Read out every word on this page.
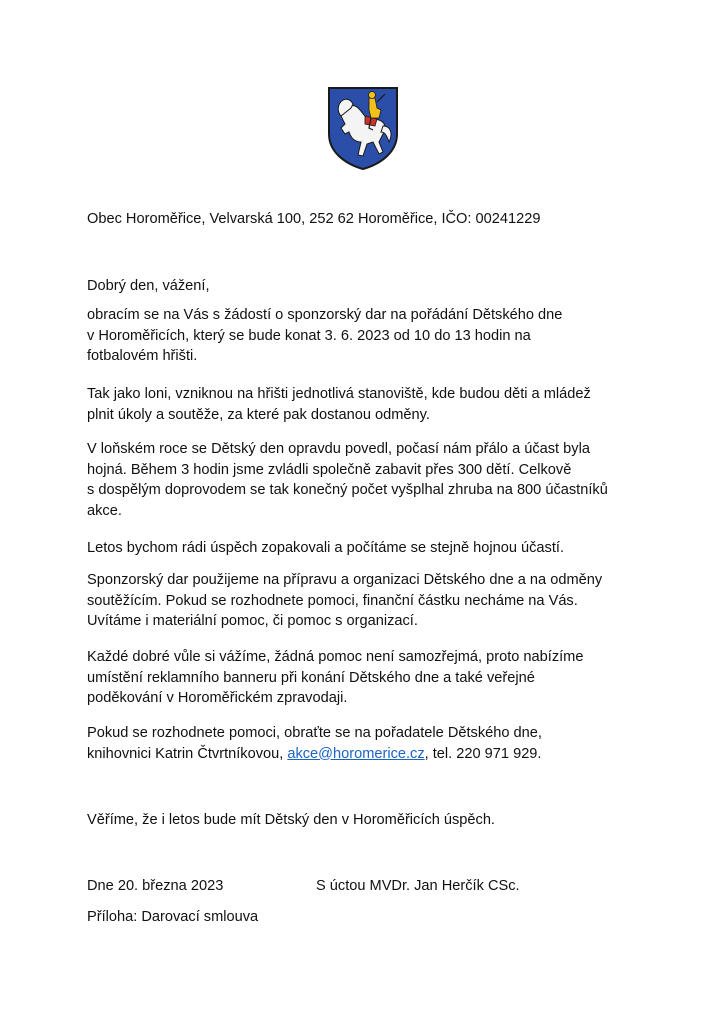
Obec Horoměřice, Velvarská 100, 252 62 Horoměřice, IČO: 00241229
Dobrý den, vážení,
obracím se na Vás s žádostí o sponzorský dar na pořádání Dětského dne
v Horoměřicích, který se bude konat 3. 6. 2023 od 10 do 13 hodin na
fotbalovém hřišti.
Tak jako loni, vzniknou na hřišti jednotlivá stanoviště, kde budou děti a mládež
plnit úkoly a soutěže, za které pak dostanou odměny.
V loňském roce se Dětský den opravdu povedl, počasí nám přálo a účast byla
hojná. Během 3 hodin jsme zvládli společně zabavit přes 300 dětí. Celkově
s dospělým doprovodem se tak konečný počet vyšplhal zhruba na 800 účastníků
akce.
Letos bychom rádi úspěch zopakovali a počítáme se stejně hojnou účastí.
Sponzorský dar použijeme na přípravu a organizaci Dětského dne a na odměny
soutěžícím. Pokud se rozhodnete pomoci, finanční částku necháme na Vás.
Uvítáme i materiální pomoc, či pomoc s organizací.
Každé dobré vůle si vážíme, žádná pomoc není samozřejmá, proto nabízíme
umístění reklamního banneru při konání Dětského dne a také veřejné
poděkování v Horoměřickém zpravodaji.
Pokud se rozhodnete pomoci, obraťte se na pořadatele Dětského dne,
knihovnici Katrin Čtvrtníkovou, akce@horomerice.cz, tel. 220 971 929.
Věříme, že i letos bude mít Dětský den v Horoměřicích úspěch.
Dne 20. března 2023	S úctou MVDr. Jan Herčík CSc.
Příloha: Darovací smlouva
